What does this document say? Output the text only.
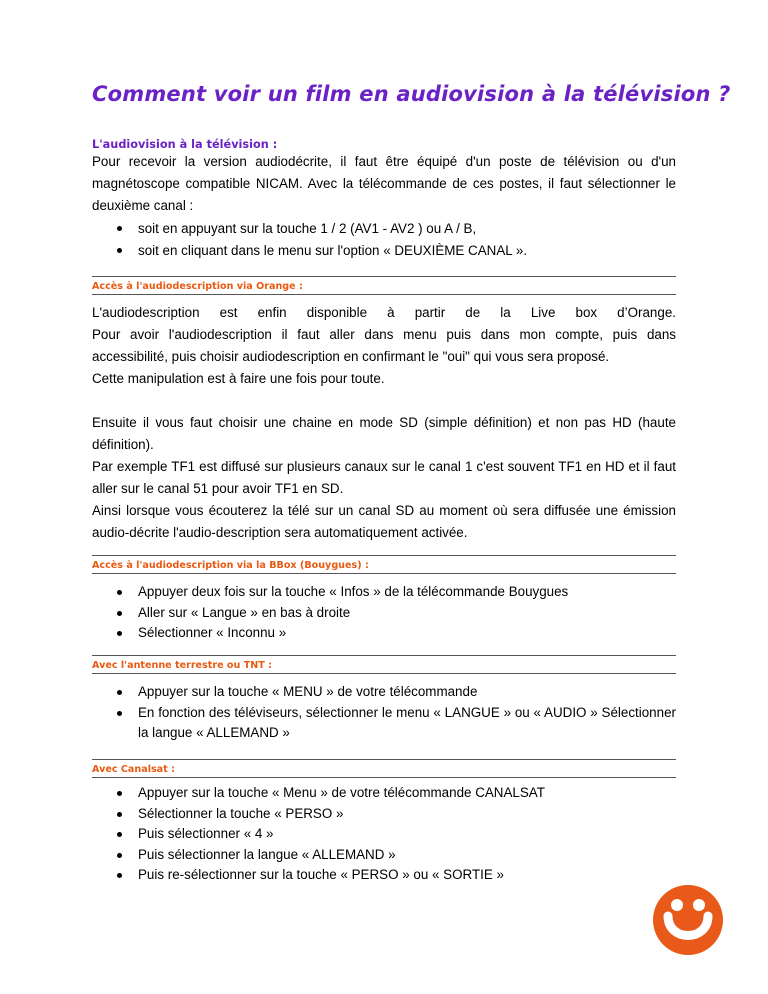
Comment voir un film en audiovision à la télévision ?
L'audiovision à la télévision :

Pour recevoir la version audiodécrite, il faut être équipé d'un poste de télévision ou d'un magnétoscope compatible NICAM. Avec la télécommande de ces postes, il faut sélectionner le deuxième canal :

soit en appuyant sur la touche 1 / 2 (AV1 - AV2 ) ou A / B,
soit en cliquant dans le menu sur l'option « DEUXIÈME CANAL ».
Accès à l'audiodescription via Orange :
L'audiodescription est enfin disponible à partir de la Live box d’Orange.
Pour avoir l'audiodescription il faut aller dans menu puis dans mon compte, puis dans accessibilité, puis choisir audiodescription en confirmant le "oui" qui vous sera proposé.
Cette manipulation est à faire une fois pour toute.
Ensuite il vous faut choisir une chaine en mode SD (simple définition) et non pas HD (haute définition).
Par exemple TF1 est diffusé sur plusieurs canaux sur le canal 1 c'est souvent TF1 en HD et il faut aller sur le canal 51 pour avoir TF1 en SD.
Ainsi lorsque vous écouterez la télé sur un canal SD au moment où sera diffusée une émission audio-décrite l'audio-description sera automatiquement activée.
Accès à l'audiodescription via la BBox (Bouygues) :
Appuyer deux fois sur la touche « Infos » de la télécommande Bouygues
Aller sur « Langue » en bas à droite
Sélectionner « Inconnu »
Avec l'antenne terrestre ou TNT :
Appuyer sur la touche « MENU » de votre télécommande
En fonction des téléviseurs, sélectionner le menu « LANGUE » ou « AUDIO » Sélectionner la langue « ALLEMAND »
Avec Canalsat :
Appuyer sur la touche « Menu » de votre télécommande CANALSAT
Sélectionner la touche « PERSO »
Puis sélectionner « 4 »
Puis sélectionner la langue « ALLEMAND »
Puis re-sélectionner sur la touche « PERSO » ou « SORTIE »
